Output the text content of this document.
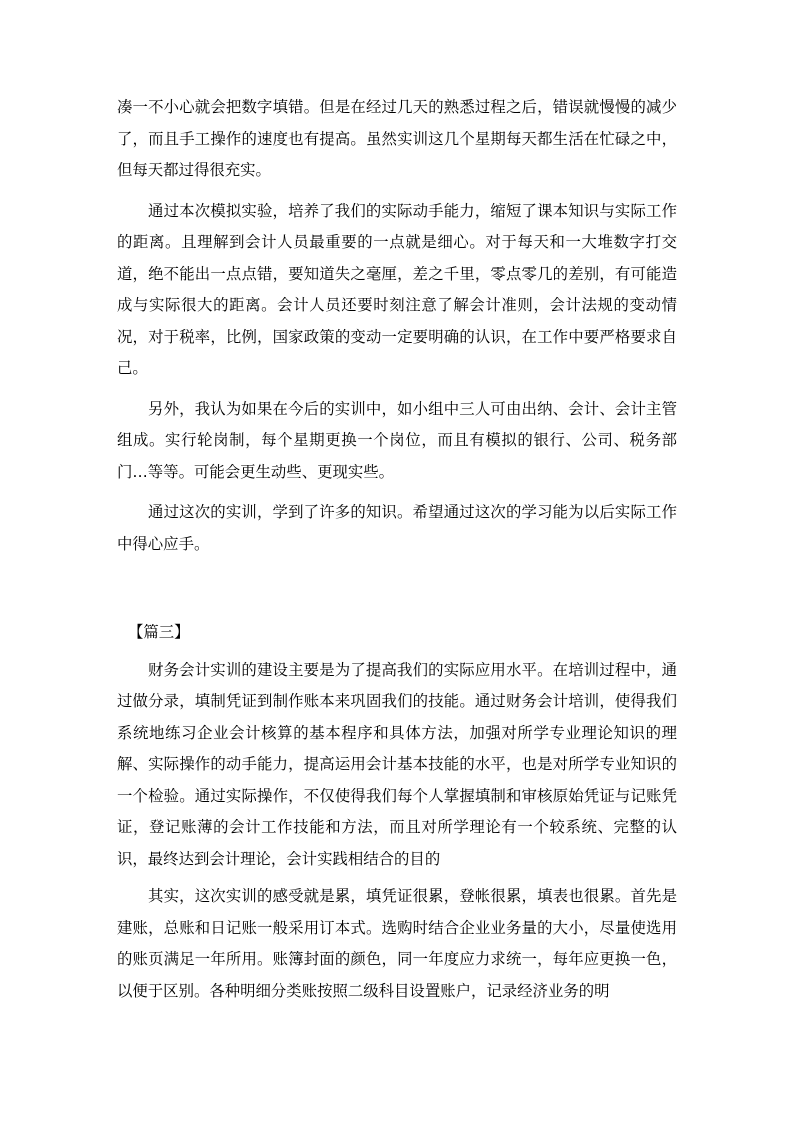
凑一不小心就会把数字填错。但是在经过几天的熟悉过程之后，错误就慢慢的减少了，而且手工操作的速度也有提高。虽然实训这几个星期每天都生活在忙碌之中，但每天都过得很充实。

通过本次模拟实验，培养了我们的实际动手能力，缩短了课本知识与实际工作的距离。且理解到会计人员最重要的一点就是细心。对于每天和一大堆数字打交道，绝不能出一点点错，要知道失之毫厘，差之千里，零点零几的差别，有可能造成与实际很大的距离。会计人员还要时刻注意了解会计准则，会计法规的变动情况，对于税率，比例，国家政策的变动一定要明确的认识，在工作中要严格要求自己。

另外，我认为如果在今后的实训中，如小组中三人可由出纳、会计、会计主管组成。实行轮岗制，每个星期更换一个岗位，而且有模拟的银行、公司、税务部门…等等。可能会更生动些、更现实些。

通过这次的实训，学到了许多的知识。希望通过这次的学习能为以后实际工作中得心应手。

【篇三】

财务会计实训的建设主要是为了提高我们的实际应用水平。在培训过程中，通过做分录，填制凭证到制作账本来巩固我们的技能。通过财务会计培训，使得我们系统地练习企业会计核算的基本程序和具体方法，加强对所学专业理论知识的理解、实际操作的动手能力，提高运用会计基本技能的水平，也是对所学专业知识的一个检验。通过实际操作，不仅使得我们每个人掌握填制和审核原始凭证与记账凭证，登记账薄的会计工作技能和方法，而且对所学理论有一个较系统、完整的认识，最终达到会计理论，会计实践相结合的目的

其实，这次实训的感受就是累，填凭证很累，登帐很累，填表也很累。首先是建账，总账和日记账一般采用订本式。选购时结合企业业务量的大小，尽量使选用的账页满足一年所用。账簿封面的颜色，同一年度应力求统一，每年应更换一色，以便于区别。各种明细分类账按照二级科目设置账户，记录经济业务的明
